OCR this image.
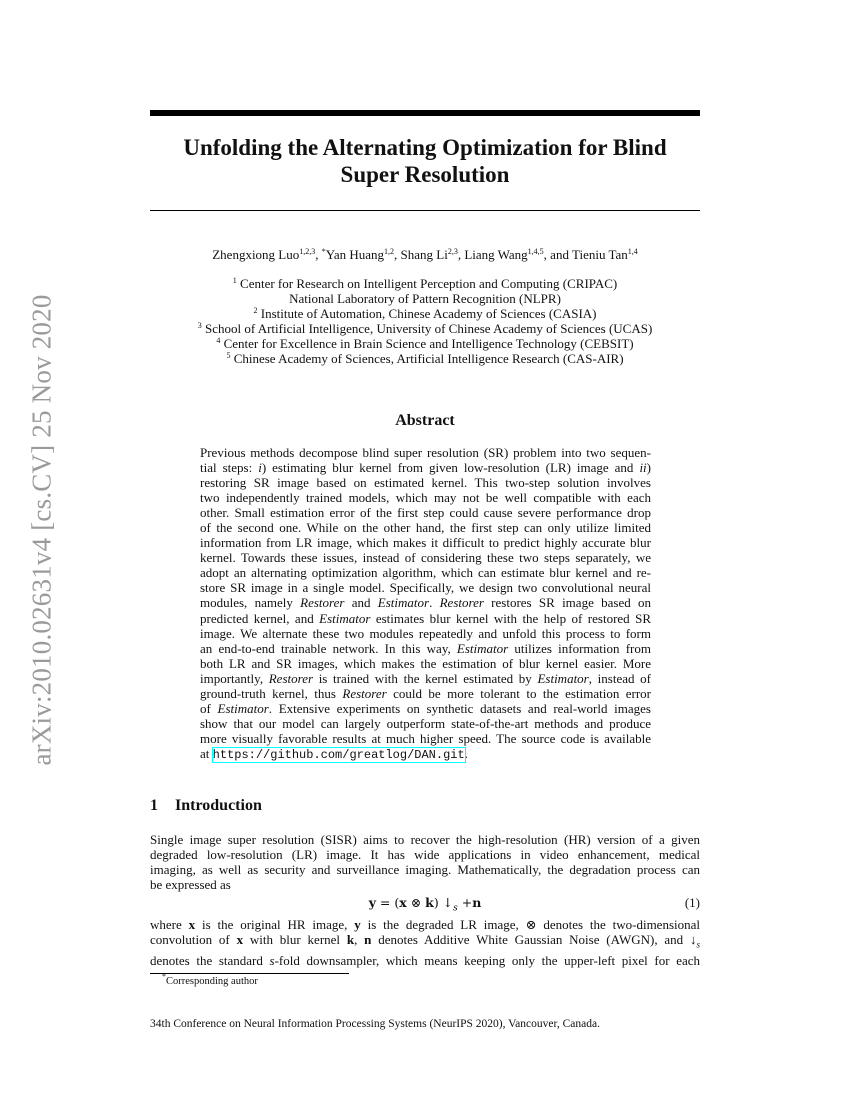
arXiv:2010.02631v4 [cs.CV] 25 Nov 2020
Unfolding the Alternating Optimization for Blind
Super Resolution
Zhengxiong Luo$^{1,2,3}$, *Yan Huang$^{1,2}$, Shang Li$^{2,3}$, Liang Wang$^{1,4,5}$, and Tieniu Tan$^{1,4}$
$^1$ Center for Research on Intelligent Perception and Computing (CRIPAC)
National Laboratory of Pattern Recognition (NLPR)
$^2$ Institute of Automation, Chinese Academy of Sciences (CASIA)
$^3$ School of Artificial Intelligence, University of Chinese Academy of Sciences (UCAS)
$^4$ Center for Excellence in Brain Science and Intelligence Technology (CEBSIT)
$^5$ Chinese Academy of Sciences, Artificial Intelligence Research (CAS-AIR)
Abstract
Previous methods decompose blind super resolution (SR) problem into two sequen-
tial steps: i) estimating blur kernel from given low-resolution (LR) image and ii)
restoring SR image based on estimated kernel. This two-step solution involves
two independently trained models, which may not be well compatible with each
other. Small estimation error of the first step could cause severe performance drop
of the second one. While on the other hand, the first step can only utilize limited
information from LR image, which makes it difficult to predict highly accurate blur
kernel. Towards these issues, instead of considering these two steps separately, we
adopt an alternating optimization algorithm, which can estimate blur kernel and re-
store SR image in a single model. Specifically, we design two convolutional neural
modules, namely Restorer and Estimator. Restorer restores SR image based on
predicted kernel, and Estimator estimates blur kernel with the help of restored SR
image. We alternate these two modules repeatedly and unfold this process to form
an end-to-end trainable network. In this way, Estimator utilizes information from
both LR and SR images, which makes the estimation of blur kernel easier. More
importantly, Restorer is trained with the kernel estimated by Estimator, instead of
ground-truth kernel, thus Restorer could be more tolerant to the estimation error
of Estimator. Extensive experiments on synthetic datasets and real-world images
show that our model can largely outperform state-of-the-art methods and produce
more visually favorable results at much higher speed. The source code is available
at https://github.com/greatlog/DAN.git.
1 Introduction
Single image super resolution (SISR) aims to recover the high-resolution (HR) version of a given
degraded low-resolution (LR) image. It has wide applications in video enhancement, medical
imaging, as well as security and surveillance imaging. Mathematically, the degradation process can
be expressed as
y = (x ⊗ k) $↓_s +n$	(1)
where x is the original HR image, y is the degraded LR image, ⊗ denotes the two-dimensional
convolution of x with blur kernel k, n denotes Additive White Gaussian Noise (AWGN), and $↓_s$
denotes the standard s-fold downsampler, which means keeping only the upper-left pixel for each
*Corresponding author
34th Conference on Neural Information Processing Systems (NeurIPS 2020), Vancouver, Canada.
